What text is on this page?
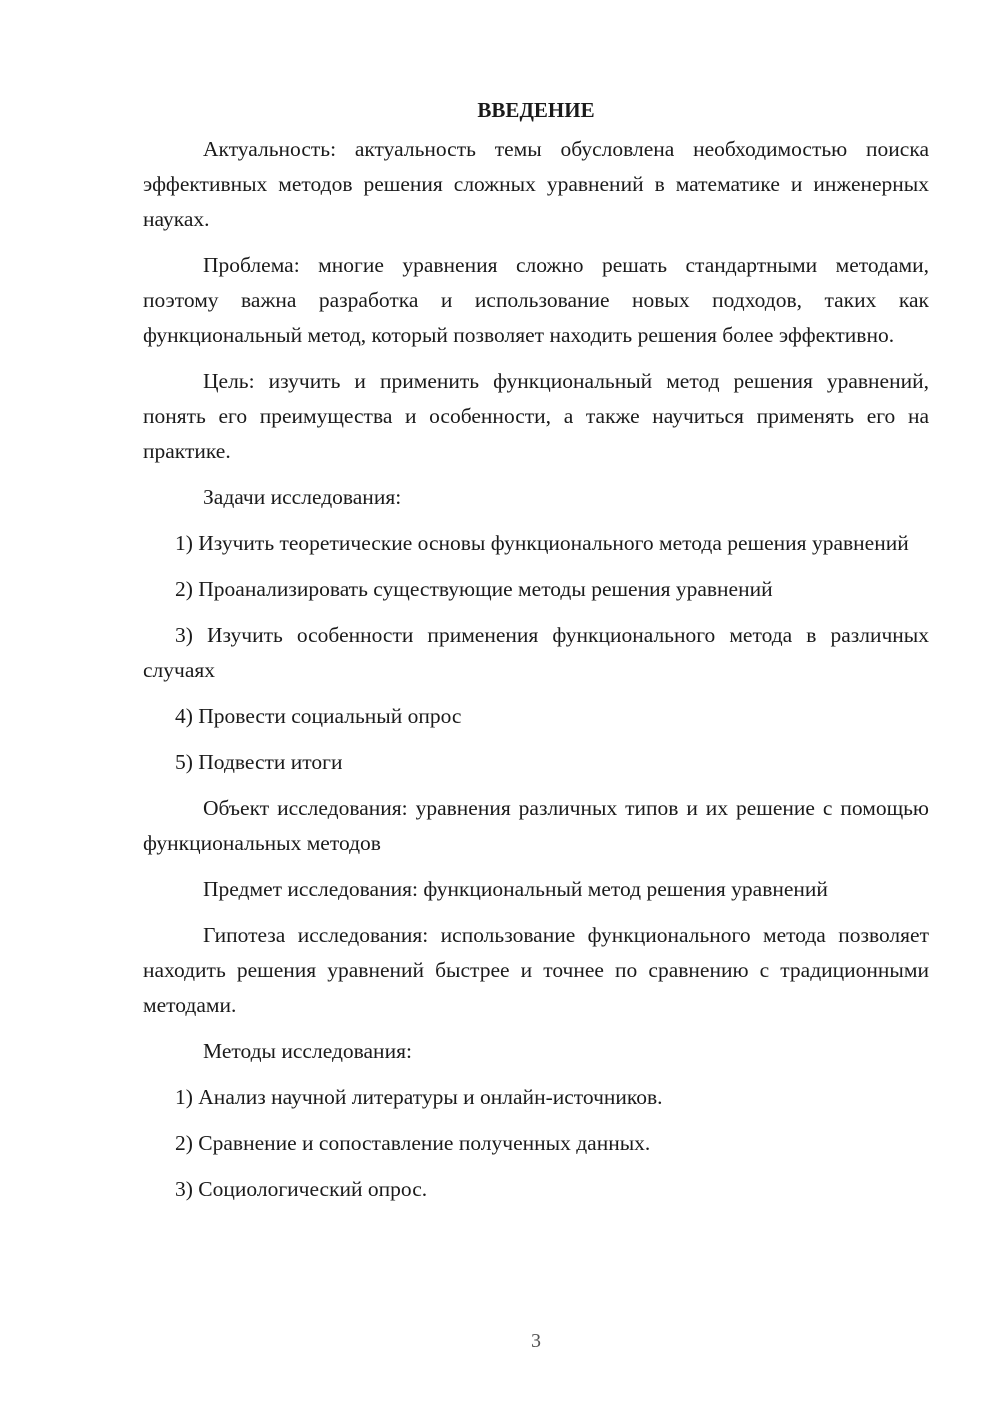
ВВЕДЕНИЕ

Актуальность: актуальность темы обусловлена необходимостью поиска эффективных методов решения сложных уравнений в математике и инженерных науках.

Проблема: многие уравнения сложно решать стандартными методами, поэтому важна разработка и использование новых подходов, таких как функциональный метод, который позволяет находить решения более эффективно.

Цель: изучить и применить функциональный метод решения уравнений, понять его преимущества и особенности, а также научиться применять его на практике.

Задачи исследования:

1) Изучить теоретические основы функционального метода решения уравнений

2) Проанализировать существующие методы решения уравнений

3) Изучить особенности применения функционального метода в различных случаях

4) Провести социальный опрос

5) Подвести итоги

Объект исследования: уравнения различных типов и их решение с помощью функциональных методов

Предмет исследования: функциональный метод решения уравнений

Гипотеза исследования: использование функционального метода позволяет находить решения уравнений быстрее и точнее по сравнению с традиционными методами.

Методы исследования:

1) Анализ научной литературы и онлайн-источников.

2) Сравнение и сопоставление полученных данных.

3) Социологический опрос.

3
